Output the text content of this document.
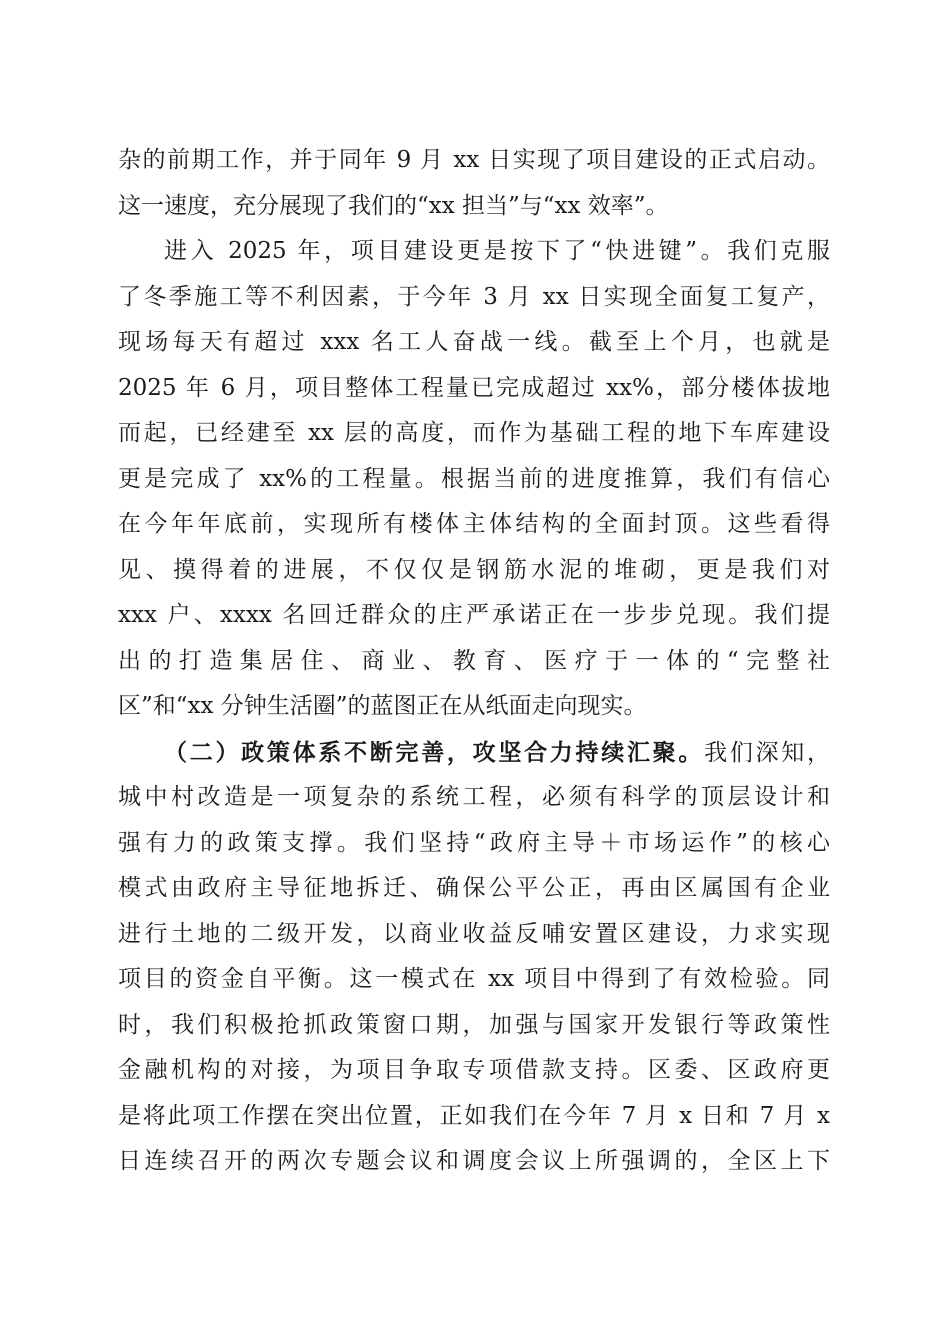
杂的前期工作，并于同年 9 月 xx 日实现了项目建设的正式启动。
这一速度，充分展现了我们的“xx 担当”与“xx 效率”。
进入 2025 年，项目建设更是按下了“快进键”。我们克服
了冬季施工等不利因素，于今年 3 月 xx 日实现全面复工复产，
现场每天有超过 xxx 名工人奋战一线。截至上个月，也就是
2025 年 6 月，项目整体工程量已完成超过 xx%，部分楼体拔地
而起，已经建至 xx 层的高度，而作为基础工程的地下车库建设
更是完成了 xx%的工程量。根据当前的进度推算，我们有信心
在今年年底前，实现所有楼体主体结构的全面封顶。这些看得
见、摸得着的进展，不仅仅是钢筋水泥的堆砌，更是我们对
xxx 户、xxxx 名回迁群众的庄严承诺正在一步步兑现。我们提
出的打造集居住、商业、教育、医疗于一体的“完整社
区”和“xx 分钟生活圈”的蓝图正在从纸面走向现实。
（二）政策体系不断完善，攻坚合力持续汇聚。我们深知，
城中村改造是一项复杂的系统工程，必须有科学的顶层设计和
强有力的政策支撑。我们坚持“政府主导＋市场运作”的核心
模式由政府主导征地拆迁、确保公平公正，再由区属国有企业
进行土地的二级开发，以商业收益反哺安置区建设，力求实现
项目的资金自平衡。这一模式在 xx 项目中得到了有效检验。同
时，我们积极抢抓政策窗口期，加强与国家开发银行等政策性
金融机构的对接，为项目争取专项借款支持。区委、区政府更
是将此项工作摆在突出位置，正如我们在今年 7 月 x 日和 7 月 x
日连续召开的两次专题会议和调度会议上所强调的，全区上下
